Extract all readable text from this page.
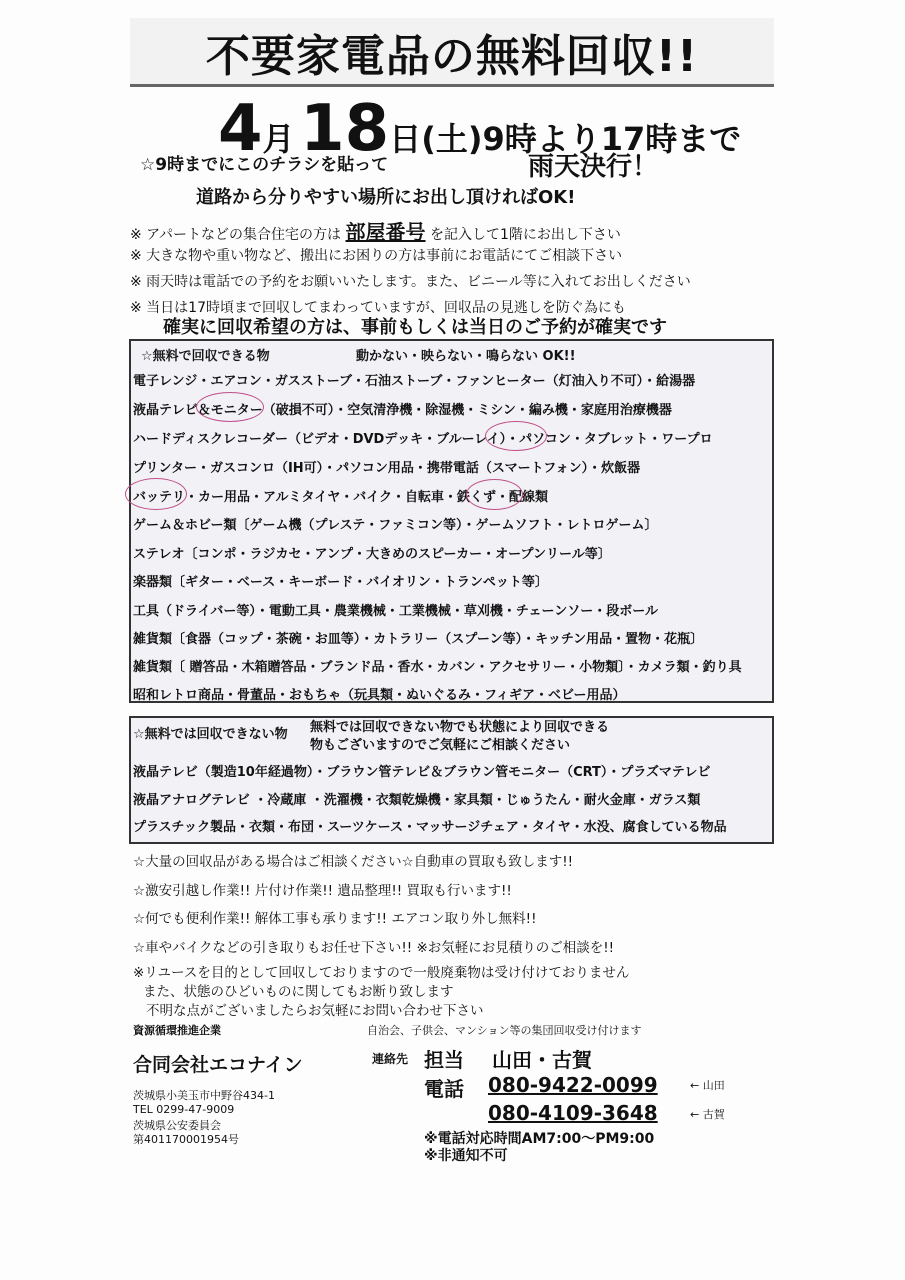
不要家電品の無料回収!!
4月 18日(土)9時より17時まで
☆9時までにこのチラシを貼って	雨天決行！
道路から分りやすい場所にお出し頂ければOK!
※ アパートなどの集合住宅の方は 部屋番号 を記入して1階にお出し下さい
※ 大きな物や重い物など、搬出にお困りの方は事前にお電話にてご相談下さい
※ 雨天時は電話での予約をお願いいたします。また、ビニール等に入れてお出しください
※ 当日は17時頃まで回収してまわっていますが、回収品の見逃しを防ぐ為にも
確実に回収希望の方は、事前もしくは当日のご予約が確実です
☆無料で回収できる物	動かない・映らない・鳴らない OK!!
電子レンジ・エアコン・ガスストーブ・石油ストーブ・ファンヒーター（灯油入り不可）・給湯器
液晶テレビ＆モニター（破損不可）・空気清浄機・除湿機・ミシン・編み機・家庭用治療機器
ハードディスクレコーダー（ビデオ・DVDデッキ・ブルーレイ）・パソコン・タブレット・ワープロ
プリンター・ガスコンロ（IH可）・パソコン用品・携帯電話（スマートフォン）・炊飯器
バッテリ・カー用品・アルミタイヤ・バイク・自転車・鉄くず・配線類
ゲーム＆ホビー類〔ゲーム機（プレステ・ファミコン等）・ゲームソフト・レトロゲーム〕
ステレオ〔コンポ・ラジカセ・アンプ・大きめのスピーカー・オープンリール等〕
楽器類〔ギター・ベース・キーボード・バイオリン・トランペット等〕
工具（ドライバー等）・電動工具・農業機械・工業機械・草刈機・チェーンソー・段ボール
雑貨類〔食器（コップ・茶碗・お皿等）・カトラリー（スプーン等）・キッチン用品・置物・花瓶〕
雑貨類〔 贈答品・木箱贈答品・ブランド品・香水・カバン・アクセサリー・小物類〕・カメラ類・釣り具
昭和レトロ商品・骨董品・おもちゃ（玩具類・ぬいぐるみ・フィギア・ベビー用品）
☆無料では回収できない物 無料では回収できない物でも状態により回収できる
物もございますのでご気軽にご相談ください
液晶テレビ（製造10年経過物）・ブラウン管テレビ＆ブラウン管モニター（CRT）・プラズマテレビ
液晶アナログテレビ ・冷蔵庫 ・洗濯機・衣類乾燥機・家具類・じゅうたん・耐火金庫・ガラス類
プラスチック製品・衣類・布団・スーツケース・マッサージチェア・タイヤ・水没、腐食している物品
☆大量の回収品がある場合はご相談ください☆自動車の買取も致します!!
☆激安引越し作業!! 片付け作業!! 遺品整理!! 買取も行います!!
☆何でも便利作業!! 解体工事も承ります!! エアコン取り外し無料!!
☆車やバイクなどの引き取りもお任せ下さい!! ※お気軽にお見積りのご相談を!!
※リユースを目的として回収しておりますので一般廃棄物は受け付けておりません
また、状態のひどいものに関してもお断り致します
不明な点がございましたらお気軽にお問い合わせ下さい
資源循環推進企業
合同会社エコナイン
茨城県小美玉市中野谷434-1
TEL 0299-47-9009
茨城県公安委員会
第401170001954号
自治会、子供会、マンション等の集団回収受け付けます
連絡先 担当 山田・古賀
電話 080-9422-0099	← 山田
080-4109-3648	← 古賀
※電話対応時間AM7:00〜PM9:00
※非通知不可
